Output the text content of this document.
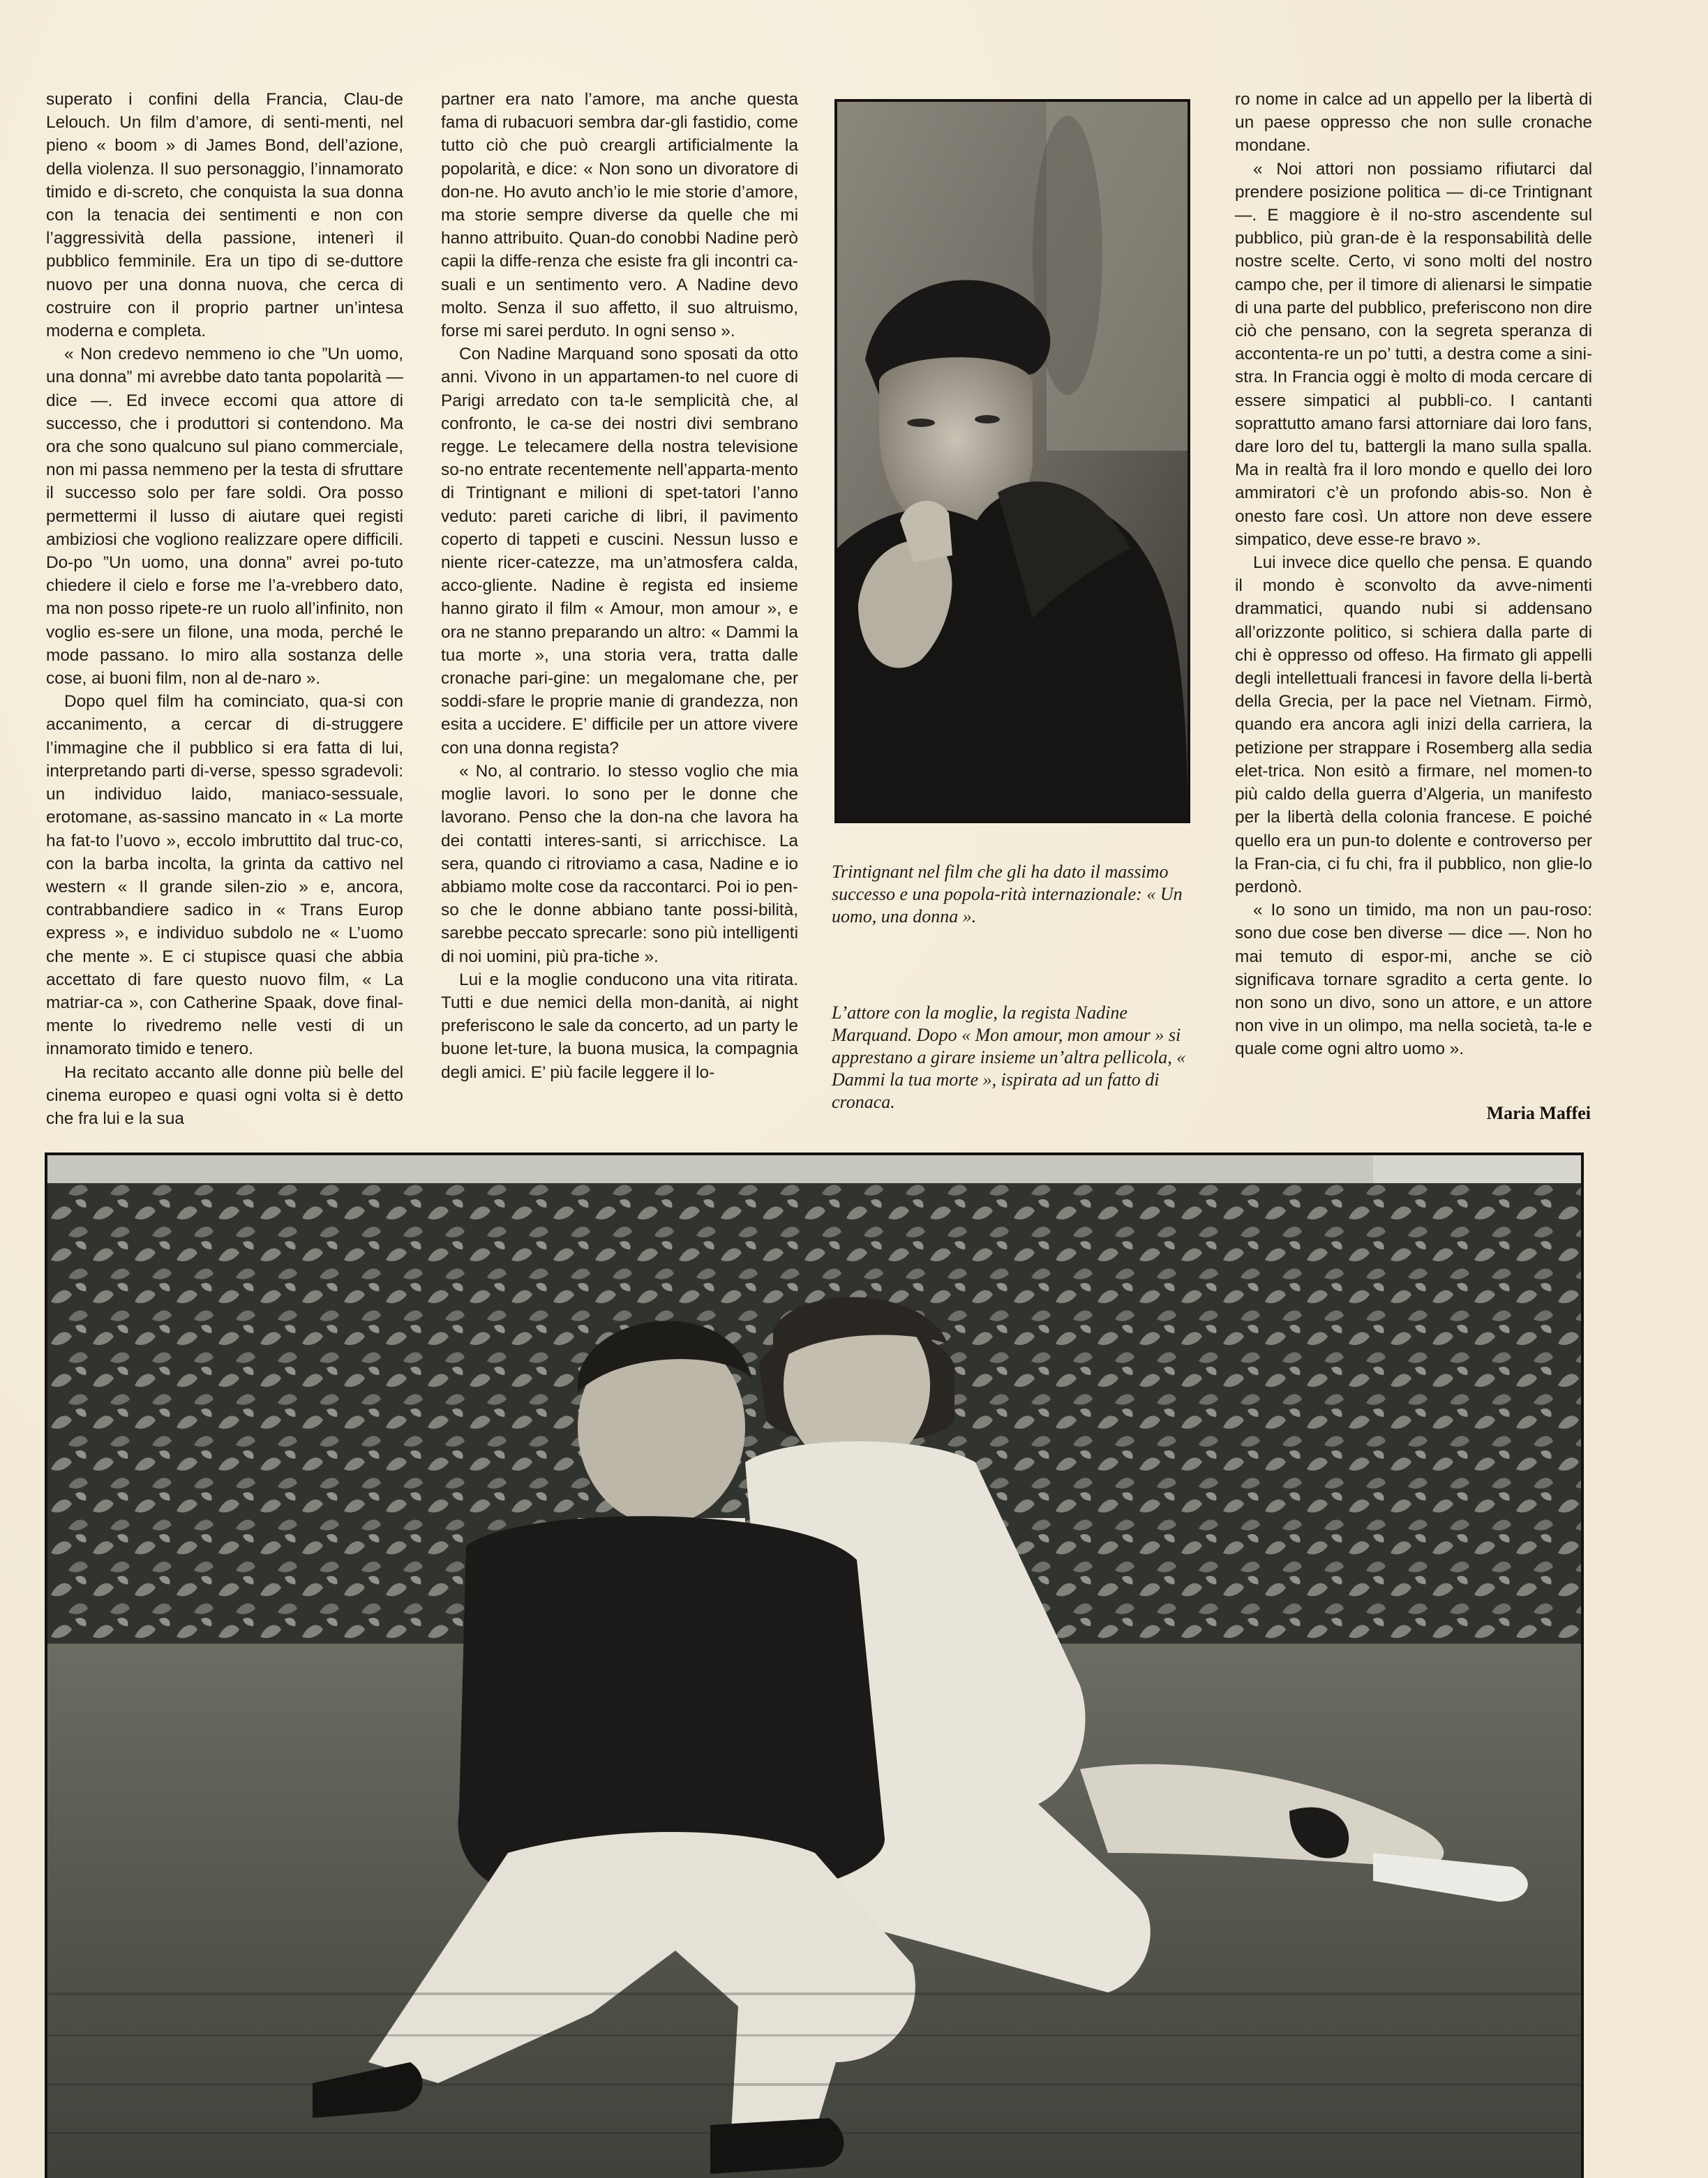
superato i confini della Francia, Clau-de Lelouch. Un film d’amore, di senti-menti, nel pieno « boom » di James Bond, dell’azione, della violenza. Il suo personaggio, l’innamorato timido e di-screto, che conquista la sua donna con la tenacia dei sentimenti e non con l’aggressività della passione, intenerì il pubblico femminile. Era un tipo di se-duttore nuovo per una donna nuova, che cerca di costruire con il proprio partner un’intesa moderna e completa.

« Non credevo nemmeno io che ”Un uomo, una donna” mi avrebbe dato tanta popolarità — dice —. Ed invece eccomi qua attore di successo, che i produttori si contendono. Ma ora che sono qualcuno sul piano commerciale, non mi passa nemmeno per la testa di sfruttare il successo solo per fare soldi. Ora posso permettermi il lusso di aiutare quei registi ambiziosi che vogliono realizzare opere difficili. Do-po ”Un uomo, una donna” avrei po-tuto chiedere il cielo e forse me l’a-vrebbero dato, ma non posso ripete-re un ruolo all’infinito, non voglio es-sere un filone, una moda, perché le mode passano. Io miro alla sostanza delle cose, ai buoni film, non al de-naro ».

Dopo quel film ha cominciato, qua-si con accanimento, a cercar di di-struggere l’immagine che il pubblico si era fatta di lui, interpretando parti di-verse, spesso sgradevoli: un individuo laido, maniaco-sessuale, erotomane, as-sassino mancato in « La morte ha fat-to l’uovo », eccolo imbruttito dal truc-co, con la barba incolta, la grinta da cattivo nel western « Il grande silen-zio » e, ancora, contrabbandiere sadico in « Trans Europ express », e individuo subdolo ne « L’uomo che mente ». E ci stupisce quasi che abbia accettato di fare questo nuovo film, « La matriar-ca », con Catherine Spaak, dove final-mente lo rivedremo nelle vesti di un innamorato timido e tenero.

Ha recitato accanto alle donne più belle del cinema europeo e quasi ogni volta si è detto che fra lui e la sua

partner era nato l’amore, ma anche questa fama di rubacuori sembra dar-gli fastidio, come tutto ciò che può creargli artificialmente la popolarità, e dice: « Non sono un divoratore di don-ne. Ho avuto anch’io le mie storie d’amore, ma storie sempre diverse da quelle che mi hanno attribuito. Quan-do conobbi Nadine però capii la diffe-renza che esiste fra gli incontri ca-suali e un sentimento vero. A Nadine devo molto. Senza il suo affetto, il suo altruismo, forse mi sarei perduto. In ogni senso ».

Con Nadine Marquand sono sposati da otto anni. Vivono in un appartamen-to nel cuore di Parigi arredato con ta-le semplicità che, al confronto, le ca-se dei nostri divi sembrano regge. Le telecamere della nostra televisione so-no entrate recentemente nell’apparta-mento di Trintignant e milioni di spet-tatori l’anno veduto: pareti cariche di libri, il pavimento coperto di tappeti e cuscini. Nessun lusso e niente ricer-catezze, ma un’atmosfera calda, acco-gliente. Nadine è regista ed insieme hanno girato il film « Amour, mon amour », e ora ne stanno preparando un altro: « Dammi la tua morte », una storia vera, tratta dalle cronache pari-gine: un megalomane che, per soddi-sfare le proprie manie di grandezza, non esita a uccidere. E’ difficile per un attore vivere con una donna regista?

« No, al contrario. Io stesso voglio che mia moglie lavori. Io sono per le donne che lavorano. Penso che la don-na che lavora ha dei contatti interes-santi, si arricchisce. La sera, quando ci ritroviamo a casa, Nadine e io abbiamo molte cose da raccontarci. Poi io pen-so che le donne abbiano tante possi-bilità, sarebbe peccato sprecarle: sono più intelligenti di noi uomini, più pra-tiche ».

Lui e la moglie conducono una vita ritirata. Tutti e due nemici della mon-danità, ai night preferiscono le sale da concerto, ad un party le buone let-ture, la buona musica, la compagnia degli amici. E’ più facile leggere il lo-

Trintignant nel film che gli ha dato il massimo successo e una popola-rità internazionale: « Un uomo, una donna ».
L’attore con la moglie, la regista Nadine Marquand. Dopo « Mon amour, mon amour » si apprestano a girare insieme un’altra pellicola, « Dammi la tua morte », ispirata ad un fatto di cronaca.

ro nome in calce ad un appello per la libertà di un paese oppresso che non sulle cronache mondane.

« Noi attori non possiamo rifiutarci dal prendere posizione politica — di-ce Trintignant —. E maggiore è il no-stro ascendente sul pubblico, più gran-de è la responsabilità delle nostre scelte. Certo, vi sono molti del nostro campo che, per il timore di alienarsi le simpatie di una parte del pubblico, preferiscono non dire ciò che pensano, con la segreta speranza di accontenta-re un po’ tutti, a destra come a sini-stra. In Francia oggi è molto di moda cercare di essere simpatici al pubbli-co. I cantanti soprattutto amano farsi attorniare dai loro fans, dare loro del tu, battergli la mano sulla spalla. Ma in realtà fra il loro mondo e quello dei loro ammiratori c’è un profondo abis-so. Non è onesto fare così. Un attore non deve essere simpatico, deve esse-re bravo ».

Lui invece dice quello che pensa. E quando il mondo è sconvolto da avve-nimenti drammatici, quando nubi si addensano all’orizzonte politico, si schiera dalla parte di chi è oppresso od offeso. Ha firmato gli appelli degli intellettuali francesi in favore della li-bertà della Grecia, per la pace nel Vietnam. Firmò, quando era ancora agli inizi della carriera, la petizione per strappare i Rosemberg alla sedia elet-trica. Non esitò a firmare, nel momen-to più caldo della guerra d’Algeria, un manifesto per la libertà della colonia francese. E poiché quello era un pun-to dolente e controverso per la Fran-cia, ci fu chi, fra il pubblico, non glie-lo perdonò.

« Io sono un timido, ma non un pau-roso: sono due cose ben diverse — dice —. Non ho mai temuto di espor-mi, anche se ciò significava tornare sgradito a certa gente. Io non sono un divo, sono un attore, e un attore non vive in un olimpo, ma nella società, ta-le e quale come ogni altro uomo ».

Maria Maffei
